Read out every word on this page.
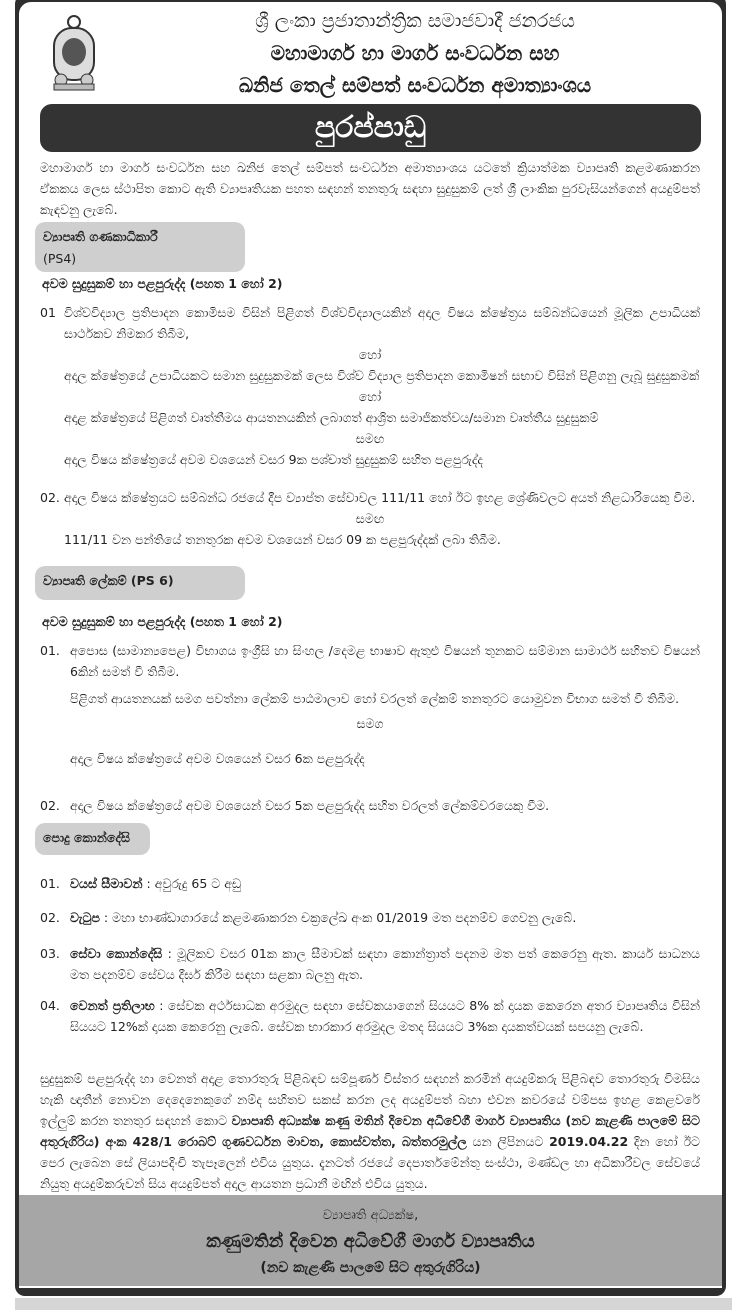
ශ්‍රී ලංකා ප්‍රජාතාන්ත්‍රික සමාජවාදී ජනරජය
මහාමාර්ග හා මාර්ග සංවර්ධන සහ
ඛනිජ තෙල් සම්පත් සංවර්ධන අමාත්‍යාංශය
පුරප්පාඩු

මහාමාර්ග හා මාර්ග සංවර්ධන සහ ඛනිජ තෙල් සම්පත් සංවර්ධන අමාත්‍යාංශය යටතේ ක්‍රියාත්මක ව්‍යාපෘති කළමණාකරන ඒකකය ලෙස ස්ථාපිත කොට ඇති ව්‍යාපෘතියක පහත සඳහන් තනතුරු සඳහා සුදුසුකම් ලත් ශ්‍රී ලාංකික පුරවැසියන්ගෙන් අයදුම්පත් කැඳවනු ලැබේ.

ව්‍යාපෘති ගණකාධිකාරී
(PS4)
අවම සුදුසුකම් හා පළපුරුද්ද (පහත 1 හෝ 2)
01 විශ්වවිද්‍යාල ප්‍රතිපාදන කොමිසම විසින් පිළිගත් විශ්වවිද්‍යාලයකින් අදාල විෂය ක්ෂේත්‍රය සම්බන්ධයෙන් මූලික උපාධියක් සාර්ථකව නිමකර තිබීම,
හෝ
අදාල ක්ෂේත්‍රයේ උපාධියකට සමාන සුදුසුකමක් ලෙස විශ්ව විද්‍යාල ප්‍රතිපාදන කොමිෂන් සභාව විසින් පිළිගනු ලැබූ සුදුසුකමක්
හෝ
අදාළ ක්ෂේත්‍රයේ පිළිගත් වෘත්තීමය ආයතනයකින් ලබාගත් ආශ්‍රිත සමාජිකත්වය/සමාන වෘත්තීය සුදුසුකම්
සමඟ
අදාල විෂය ක්ෂේත්‍රයේ අවම වශයෙන් වසර 9ක පශ්චාත් සුදුසුකම් සහිත පළපුරුද්ද
02. අදාල විෂය ක්ෂේත්‍රයට සම්බන්ධ රජයේ දීප ව්‍යාප්ත සේවාවල 111/11 හෝ ඊට ඉහළ ශ්‍රේණිවලට අයත් නිළධාරියෙකු වීම.
සමඟ
111/11 වන පන්තියේ තනතුරක අවම වශයෙන් වසර 09 ක පළපුරුද්දක් ලබා තිබීම.
ව්‍යාපෘති ලේකම් (PS 6)
අවම සුදුසුකම් හා පළපුරුද්ද (පහත 1 හෝ 2)
01. අපොස (සාමාන්‍යපෙළ) විභාගය ඉංග්‍රීසි හා සිංහල /දෙමළ භාෂාව ඇතුළු විෂයන් තුනකට සම්මාන සාමාර්ථ සහිතව විෂයන් 6කින් සමත් වී තිබීම.
පිළිගත් ආයතනයක් සමග පවත්නා ලේකම් පාඨමාලාව හෝ වරලත් ලේකම් තනතුරට යොමුවන විභාග සමත් වී තිබීම.
සමග
අදාල විෂය ක්ෂේත්‍රයේ අවම වශයෙන් වසර 6ක පළපුරුද්ද
02. අදාල විෂය ක්ෂේත්‍රයේ අවම වශයෙන් වසර 5ක පළපුරුද්ද සහිත වරලත් ලේකම්වරයෙකු වීම.
පොදු කොන්දේසි
01. වයස් සීමාවන් : අවුරුදු 65 ට අඩු
02. වැටුප : මහා භාණ්ඩාගාරයේ කළමණාකරන චක්‍රලේඛ අංක 01/2019 මත පදනම්ව ගෙවනු ලැබේ.
03. සේවා කොන්දේසි : මූලිකව වසර 01ක කාල සීමාවක් සඳහා කොන්ත්‍රාත් පදනම මත පත් කෙරෙනු ඇත. කාර්ය සාධනය මත පදනම්ව සේවය දීර්ඝ කිරීම සඳහා සළකා බලනු ඇත.
04. වෙනත් ප්‍රතිලාභ : සේවක අර්ථසාධක අරමුදල සඳහා සේවකයාගෙන් සියයට 8% ක් දායක කෙරෙන අතර ව්‍යාපෘතිය විසින් සියයට 12%ක් දායක කෙරෙනු ලැබේ. සේවක භාරකාර අරමුදල මතද සියයට 3%ක දායකත්වයක් සපයනු ලැබේ.

සුදුසුකම් පළපුරුද්ද හා වෙනත් අදාළ තොරතුරු පිළිබඳව සම්පූර්ණ විස්තර සඳහන් කරමින් අයදුම්කරු පිළිබඳව තොරතුරු විමසිය හැකි ඥාතීන් නොවන දෙදෙනෙකුගේ නම්ද සහිතව සකස් කරන ලද අයදුම්පත් බහා එවන කවරයේ වම්පස ඉහළ කෙළවරේ ඉල්ලුම් කරන තනතුර සඳහන් කොට ව්‍යාපෘති අධ්‍යක්ෂ කණු මතින් දිවෙන අධිවේගී මාර්ග ව්‍යාපෘතිය (නව කැළණි පාලමේ සිට අතුරුගිරිය) අංක 428/1 රොබට් ගුණවර්ධන මාවත, කොස්වත්ත, බත්තරමුල්ල යන ලිපිනයට 2019.04.22 දින හෝ ඊට පෙර ලැබෙන සේ ලියාපදිංචි තැපෑලෙන් එවිය යුතුය. දැනටත් රජයේ දෙපාර්තමේන්තු සංස්ථා, මණ්ඩල හා අධිකාරීවල සේවයේ නියුතු අයදුම්කරුවන් සිය අයදුම්පත් අදාල ආයතන ප්‍රධානී මඟින් එවිය යුතුය.

ව්‍යාපෘති අධ්‍යක්ෂ,
කණුමතින් දිවෙන අධිවේගී මාර්ග ව්‍යාපෘතිය
(නව කැළණි පාලමේ සිට අතුරුගිරිය)
